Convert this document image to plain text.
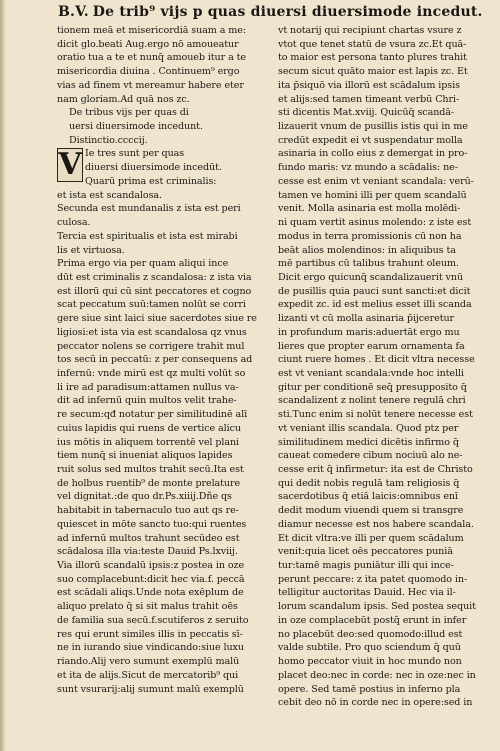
B.V. De trib⁹ vijs p quas diuersi diuersimode incedut.
tionem meā et misericordiā suam a me:
dicit glo.beati Aug.ergo nō amoueatur
oratio tua a te et nunq̄ amoueb itur a te
misericordia diuina . Continuem⁹ ergo
vias ad finem vt mereamur habere eter
nam gloriam.Ad quā nos zc.
De tribus vijs per quas di
uersi diuersimode incedunt.
Distinctio.ccccij.
V Ie tres sunt per quas
diuersi diuersimode incedūt.
Quarū prima est criminalis:
et ista est scandalosa.
Secunda est mundanalis z ista est peri
culosa.
Tercia est spiritualis et ista est mirabi
lis et virtuosa.
Prima ergo via per quam aliqui ince
dūt est criminalis z scandalosa: z ista via
est illorū qui cū sint peccatores et cogno
scat peccatum suū:tamen nolūt se corri
gere siue sint laici siue sacerdotes siue re
ligiosi:et ista via est scandalosa qz vnus
peccator nolens se corrigere trahit mul
tos secū in peccatū: z per consequens ad
infernū: vnde mirū est qz multi volūt so
li ire ad paradisum:attamen nullus va-
dit ad infernū quin multos velit trahe-
re secum:qđ notatur per similitudinē alī
cuius lapidis qui ruens de vertice alicu
ius mōtis in aliquem torrentē vel plani
tiem nunq̄ si inueniat aliquos lapides
ruit solus sed multos trahit secū.Ita est
de holbus ruentib⁹ de monte prelature
vel dignitat.:de quo dr.Ps.xiiij.Dñe qs
habitabit in tabernaculo tuo aut qs re-
quiescet in mōte sancto tuo:qui ruentes
ad infernū multos trahunt secūdeo est
scādalosa illa via:teste Dauid Ps.lxviij.
Via illorū scandalū ipsis:z postea in oze
suo complacebunt:dicit hec via.f. peccā
est scādali aliqs.Unde nota exēplum de
aliquo prelato q̄ si sit malus trahit oēs
de familia sua secū.f.scutiferos z seruito
res qui erunt similes illis in peccatis sī-
ne in iurando siue vindicando:siue luxu
riando.Alij vero sumunt exemplū malū
et ita de alijs.Sicut de mercatorib⁹ qui
sunt vsurarij:alij sumunt malū exemplū
vt notarij qui recipiunt chartas vsure z
vtot que tenet statū de vsura zc.Et quā-
to maior est persona tanto plures trahit
secum sicut quāto maior est lapis zc. Et
ita p̄siquō via illorū est scādalum ipsis
et alijs:sed tamen timeant verbū Chri-
sti dicentis Mat.xviij. Quicūq̄ scandā-
lizauerit vnum de pusillis istis qui in me
credūt expedit ei vt suspendatur molla
asinaria in collo eius z demergat in pro-
fundo maris: vz mundo a scādalis: ne-
cesse est enim vt veniant scandala: verū-
tamen ve homini illi per quem scandalū
venit. Molla asinaria est molla molēdi-
ni quam vertit asinus molendo: z iste est
modus in terra promissionis cū non ha
beāt alios molendinos: in aliquibus ta
mē partibus cū talibus trahunt oleum.
Dicit ergo quicunq̄ scandalizauerit vnū
de pusillis quia pauci sunt sancti:et dicit
expedit zc. id est melius esset illi scanda
lizanti vt cū molla asinaria p̄ijceretur
in profundum maris:aduertāt ergo mu
lieres que propter earum ornamenta fa
ciunt ruere homes . Et dicit vltra necesse
est vt veniant scandala:vnde hoc intelli
gitur per conditionē seq̄ presupposito q̄
scandalizent z nolint tenere regulā chri
sti.Tunc enim si nolūt tenere necesse est
vt veniant illis scandala. Quod ptz per
similitudinem medici dicētis infirmo q̄
caueat comedere cibum nociuū alo ne-
cesse erit q̄ infirmetur: ita est de Christo
qui dedit nobis regulā tam religiosis q̄
sacerdotibus q̄ etiā laicis:omnibus enī
dedit modum viuendi quem si transgre
diamur necesse est nos habere scandala.
Et dicit vltra:ve illi per quem scādalum
venit:quia licet oēs peccatores puniā
tur:tamē magis puniātur illi qui ince-
perunt peccare: z ita patet quomodo in-
telligitur auctoritas Dauid. Hec via il-
lorum scandalum ipsis. Sed postea sequit
in oze complacebūt postq̄ erunt in infer
no placebūt deo:sed quomodo:illud est
valde subtile. Pro quo sciendum q̄ quū
homo peccator viuit in hoc mundo non
placet deo:nec in corde: nec in oze:nec in
opere. Sed tamē postius in inferno pla
cebit deo nō in corde nec in opere:sed in
